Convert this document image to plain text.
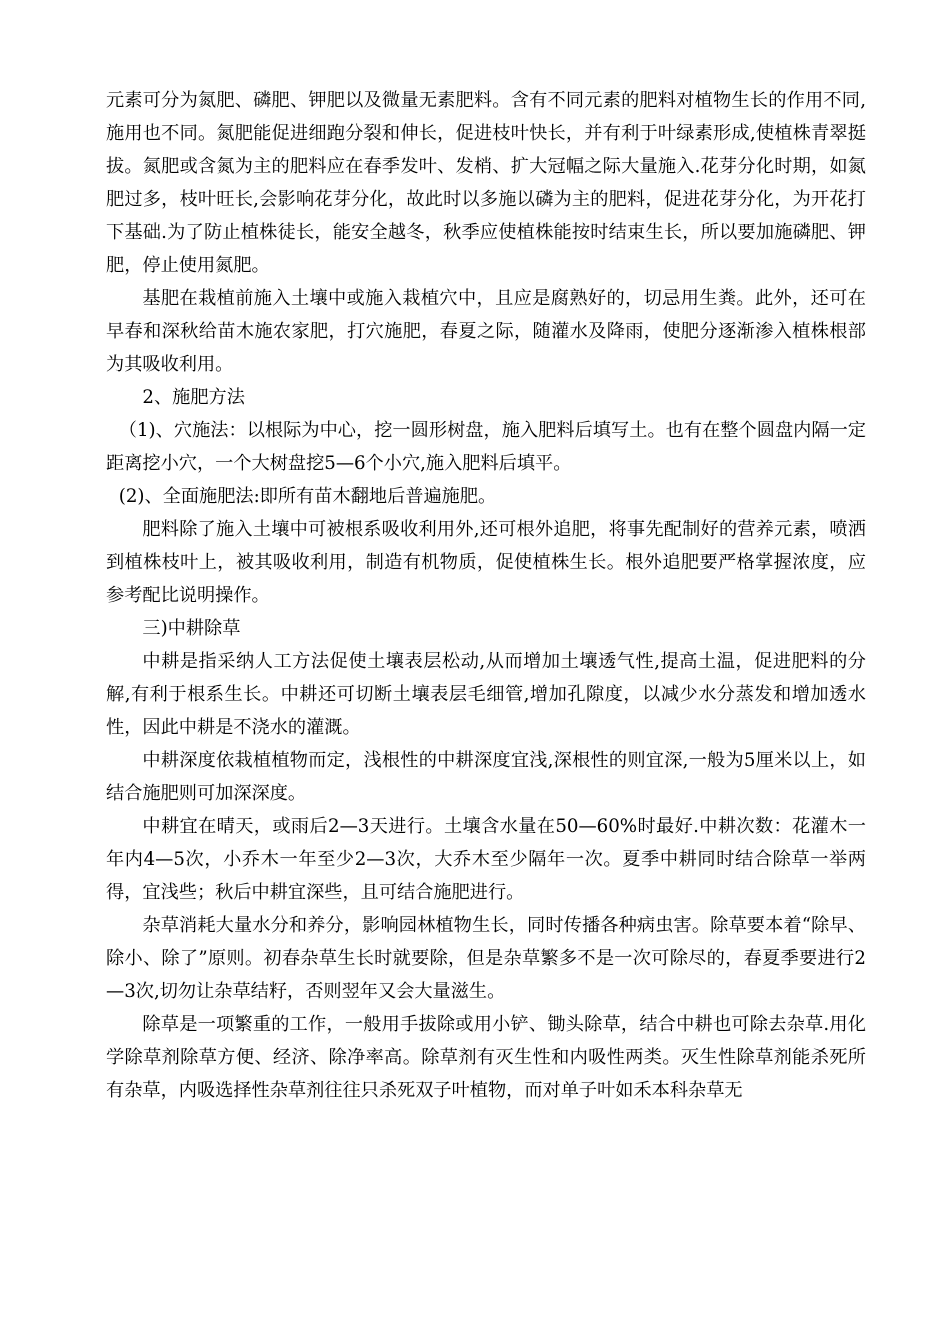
元素可分为氮肥、磷肥、钾肥以及微量无素肥料。含有不同元素的肥料对植物生长的作用不同,施用也不同。氮肥能促进细跑分裂和伸长，促进枝叶快长，并有利于叶绿素形成,使植株青翠挺拔。氮肥或含氮为主的肥料应在春季发叶、发梢、扩大冠幅之际大量施入.花芽分化时期，如氮肥过多，枝叶旺长,会影响花芽分化，故此时以多施以磷为主的肥料，促进花芽分化，为开花打下基础.为了防止植株徒长，能安全越冬，秋季应使植株能按时结束生长，所以要加施磷肥、钾肥，停止使用氮肥。

基肥在栽植前施入土壤中或施入栽植穴中，且应是腐熟好的，切忌用生粪。此外，还可在早春和深秋给苗木施农家肥，打穴施肥，春夏之际，随灌水及降雨，使肥分逐渐渗入植株根部为其吸收利用。

2、施肥方法

（1)、穴施法：以根际为中心，挖一圆形树盘，施入肥料后填写土。也有在整个圆盘内隔一定距离挖小穴，一个大树盘挖5—6个小穴,施入肥料后填平。

(2)、全面施肥法:即所有苗木翻地后普遍施肥。

肥料除了施入土壤中可被根系吸收利用外,还可根外追肥，将事先配制好的营养元素，喷洒到植株枝叶上，被其吸收利用，制造有机物质，促使植株生长。根外追肥要严格掌握浓度，应参考配比说明操作。

三)中耕除草

中耕是指采纳人工方法促使土壤表层松动,从而增加土壤透气性,提高土温，促进肥料的分解,有利于根系生长。中耕还可切断土壤表层毛细管,增加孔隙度，以减少水分蒸发和增加透水性，因此中耕是不浇水的灌溉。

中耕深度依栽植植物而定，浅根性的中耕深度宜浅,深根性的则宜深,一般为5厘米以上，如结合施肥则可加深深度。

中耕宜在晴天，或雨后2—3天进行。土壤含水量在50—60%时最好.中耕次数：花灌木一年内4—5次，小乔木一年至少2—3次，大乔木至少隔年一次。夏季中耕同时结合除草一举两得，宜浅些；秋后中耕宜深些，且可结合施肥进行。

杂草消耗大量水分和养分，影响园林植物生长，同时传播各种病虫害。除草要本着“除早、除小、除了”原则。初春杂草生长时就要除，但是杂草繁多不是一次可除尽的，春夏季要进行2—3次,切勿让杂草结籽，否则翌年又会大量滋生。

除草是一项繁重的工作，一般用手拔除或用小铲、锄头除草，结合中耕也可除去杂草.用化学除草剂除草方便、经济、除净率高。除草剂有灭生性和内吸性两类。灭生性除草剂能杀死所有杂草，内吸选择性杂草剂往往只杀死双子叶植物，而对单子叶如禾本科杂草无
